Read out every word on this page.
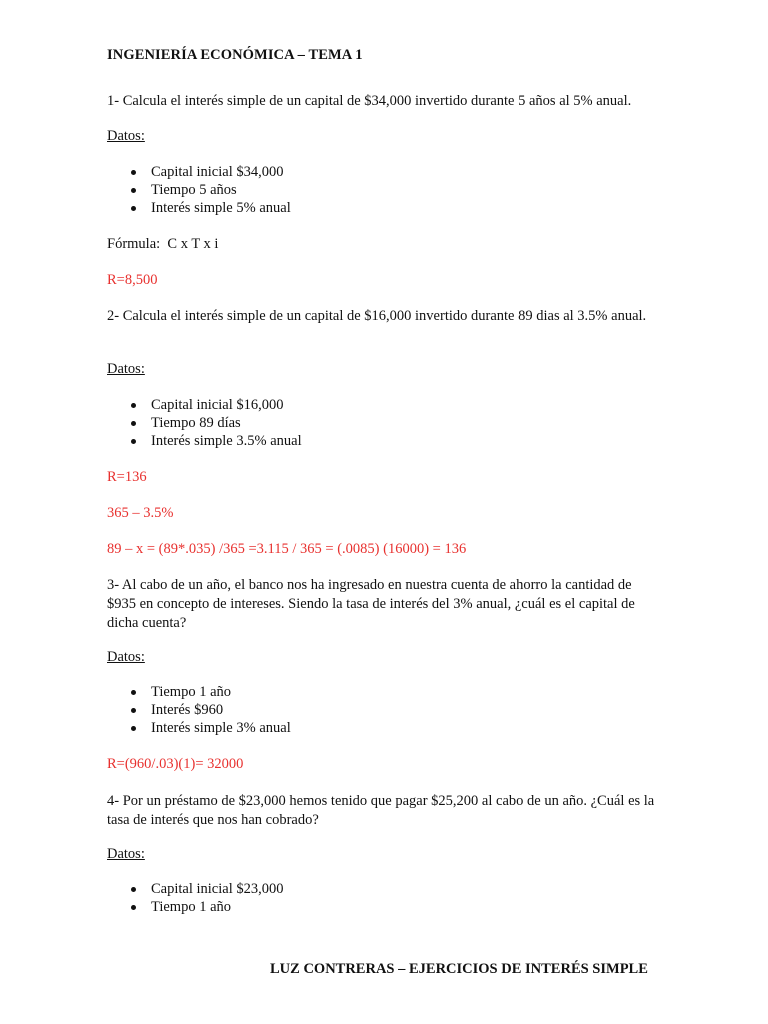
INGENIERÍA ECONÓMICA – TEMA 1
1- Calcula el interés simple de un capital de $34,000 invertido durante 5 años al 5% anual.
Datos:
Capital inicial $34,000
Tiempo 5 años
Interés simple 5% anual
Fórmula:  C x T x i
R=8,500
2- Calcula el interés simple de un capital de $16,000 invertido durante 89 dias al 3.5% anual.
Datos:
Capital inicial $16,000
Tiempo 89 días
Interés simple 3.5% anual
R=136
365 – 3.5%
89 – x = (89*.035) /365 =3.115 / 365 = (.0085) (16000) = 136
3- Al cabo de un año, el banco nos ha ingresado en nuestra cuenta de ahorro la cantidad de $935 en concepto de intereses. Siendo la tasa de interés del 3% anual, ¿cuál es el capital de dicha cuenta?
Datos:
Tiempo 1 año
Interés $960
Interés simple 3% anual
R=(960/.03)(1)= 32000
4- Por un préstamo de $23,000 hemos tenido que pagar $25,200 al cabo de un año. ¿Cuál es la tasa de interés que nos han cobrado?
Datos:
Capital inicial $23,000
Tiempo 1 año
LUZ CONTRERAS – EJERCICIOS DE INTERÉS SIMPLE
